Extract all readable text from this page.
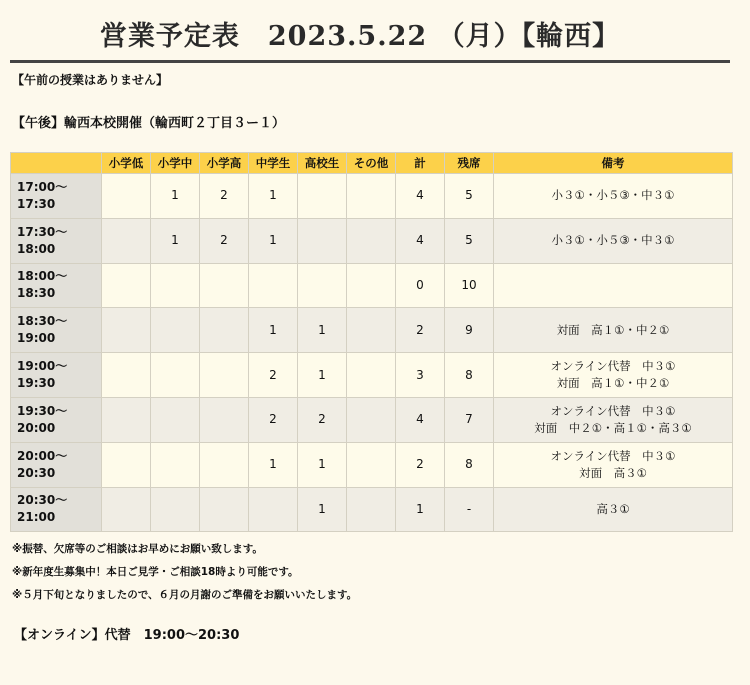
営業予定表　2023.5.22 （月）【輪西】
【午前の授業はありません】
【午後】輪西本校開催（輪西町２丁目３ー１）
	小学低	小学中	小学高	中学生	高校生	その他	計	残席	備考
17:00〜17:30		1	2	1			4	5	小３①・小５③・中３①
17:30〜18:00		1	2	1			4	5	小３①・小５③・中３①
18:00〜18:30							0	10	
18:30〜19:00				1	1		2	9	対面　高１①・中２①
19:00〜19:30				2	1		3	8	オンライン代替　中３①
対面　高１①・中２①
19:30〜20:00				2	2		4	7	オンライン代替　中３①
対面　中２①・高１①・高３①
20:00〜20:30				1	1		2	8	オンライン代替　中３①
対面　高３①
20:30〜21:00					1		1	-	高３①
※振替、欠席等のご相談はお早めにお願い致します。
※新年度生募集中！本日ご見学・ご相談18時より可能です。
※５月下旬となりましたので、６月の月謝のご準備をお願いいたします。
【オンライン】代替　19:00〜20:30
